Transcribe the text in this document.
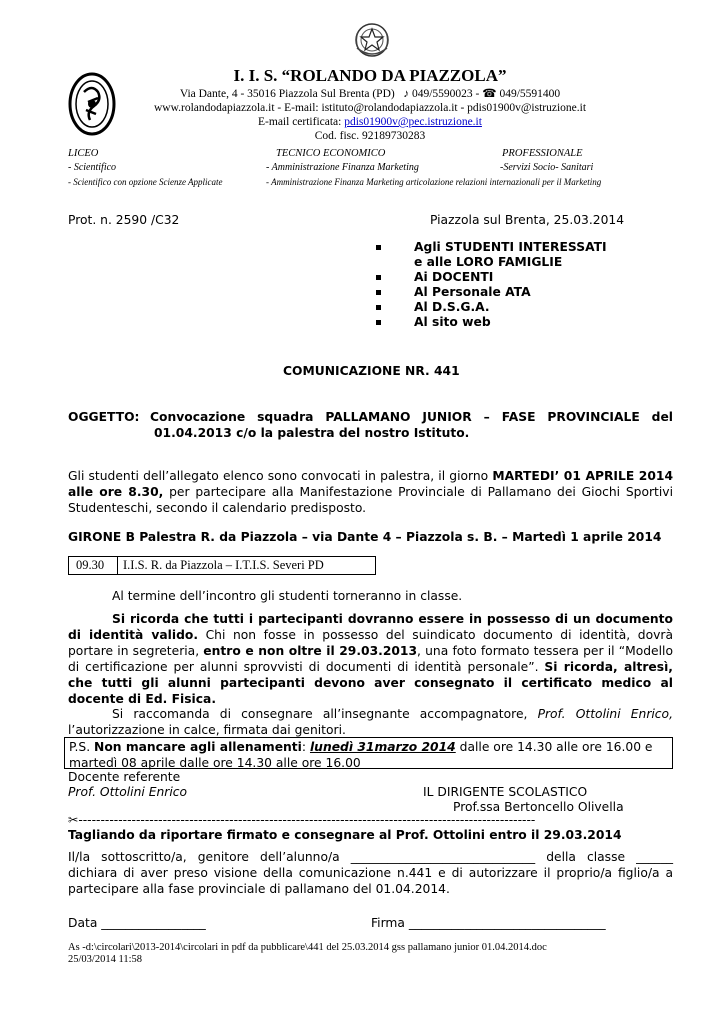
I. I. S. “ROLANDO DA PIAZZOLA”
Via Dante, 4 - 35016 Piazzola Sul Brenta (PD) ♪ 049/5590023 - ☎ 049/5591400
www.rolandodapiazzola.it - E-mail: istituto@rolandodapiazzola.it - pdis01900v@istruzione.it
E-mail certificata: pdis01900v@pec.istruzione.it
Cod. fisc. 92189730283
LICEO	TECNICO ECONOMICO	PROFESSIONALE
- Scientifico	- Amministrazione Finanza Marketing	-Servizi Socio- Sanitari
- Scientifico con opzione Scienze Applicate	- Amministrazione Finanza Marketing articolazione relazioni internazionali per il Marketing
Prot. n. 2590 /C32	Piazzola sul Brenta, 25.03.2014
Agli STUDENTI INTERESSATI
e alle LORO FAMIGLIE
Ai DOCENTI
Al Personale ATA
Al D.S.G.A.
Al sito web
COMUNICAZIONE NR. 441
OGGETTO: Convocazione squadra PALLAMANO JUNIOR – FASE PROVINCIALE del
01.04.2013 c/o la palestra del nostro Istituto.
Gli studenti dell’allegato elenco sono convocati in palestra, il giorno MARTEDI’ 01 APRILE 2014 alle ore 8.30, per partecipare alla Manifestazione Provinciale di Pallamano dei Giochi Sportivi Studenteschi, secondo il calendario predisposto.
GIRONE B Palestra R. da Piazzola – via Dante 4 – Piazzola s. B. – Martedì 1 aprile 2014
09.30 I.I.S. R. da Piazzola – I.T.I.S. Severi PD
Al termine dell’incontro gli studenti torneranno in classe.
Si ricorda che tutti i partecipanti dovranno essere in possesso di un documento di identità valido. Chi non fosse in possesso del suindicato documento di identità, dovrà portare in segreteria, entro e non oltre il 29.03.2013, una foto formato tessera per il “Modello di certificazione per alunni sprovvisti di documenti di identità personale”. Si ricorda, altresì, che tutti gli alunni partecipanti devono aver consegnato il certificato medico al docente di Ed. Fisica.
Si raccomanda di consegnare all’insegnante accompagnatore, Prof. Ottolini Enrico, l’autorizzazione in calce, firmata dai genitori.
P.S. Non mancare agli allenamenti: lunedì 31marzo 2014 dalle ore 14.30 alle ore 16.00 e martedì 08 aprile dalle ore 14.30 alle ore 16.00
Docente referente
Prof. Ottolini Enrico	IL DIRIGENTE SCOLASTICO
Prof.ssa Bertoncello Olivella
✂-------------------------------------------------------------------------------------------------------
Tagliando da riportare firmato e consegnare al Prof. Ottolini entro il 29.03.2014
Il/la sottoscritto/a, genitore dell’alunno/a ______________________________ della classe ______ dichiara di aver preso visione della comunicazione n.441 e di autorizzare il proprio/a figlio/a a partecipare alla fase provinciale di pallamano del 01.04.2014.
Data _________________	Firma ________________________________
As -d:\circolari\2013-2014\circolari in pdf da pubblicare\441 del 25.03.2014 gss pallamano junior 01.04.2014.doc
25/03/2014 11:58
